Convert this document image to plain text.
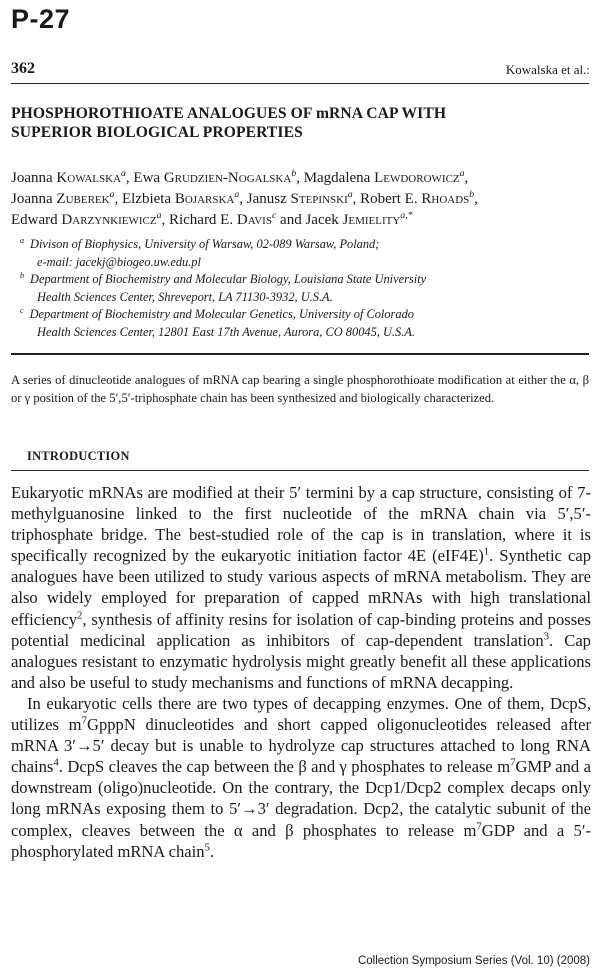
P-27
362	Kowalska et al.:
PHOSPHOROTHIOATE ANALOGUES OF mRNA CAP WITH
SUPERIOR BIOLOGICAL PROPERTIES
Joanna Kowalska$^a$, Ewa Grudzien-Nogalska$^b$, Magdalena Lewdorowicz$^a$,
Joanna Zuberek$^a$, Elzbieta Bojarska$^a$, Janusz Stepinski$^a$, Robert E. Rhoads$^b$,
Edward Darzynkiewicz$^a$, Richard E. Davis$^c$ and Jacek Jemielity$^{a,*}$
$^a$ Divison of Biophysics, University of Warsaw, 02-089 Warsaw, Poland;
e-mail: jacekj@biogeo.uw.edu.pl
$^b$ Department of Biochemistry and Molecular Biology, Louisiana State University
Health Sciences Center, Shreveport, LA 71130-3932, U.S.A.
$^c$ Department of Biochemistry and Molecular Genetics, University of Colorado
Health Sciences Center, 12801 East 17th Avenue, Aurora, CO 80045, U.S.A.
A series of dinucleotide analogues of mRNA cap bearing a single phosphorothioate modification at either the α, β or γ position of the 5′,5′-triphosphate chain has been synthesized and biologically characterized.
INTRODUCTION

Eukaryotic mRNAs are modified at their 5′ termini by a cap structure, consisting of 7-methylguanosine linked to the first nucleotide of the mRNA chain via 5′,5′-triphosphate bridge. The best-studied role of the cap is in translation, where it is specifically recognized by the eukaryotic initiation factor 4E $(eIF4E)^1$. Synthetic cap analogues have been utilized to study various aspects of mRNA metabolism. They are also widely employed for preparation of capped mRNAs with high translational efficiency$^2$, synthesis of affinity resins for isolation of cap-binding proteins and posses potential medicinal application as inhibitors of cap-dependent translation$^3$. Cap analogues resistant to enzymatic hydrolysis might greatly benefit all these applications and also be useful to study mechanisms and functions of mRNA decapping.

In eukaryotic cells there are two types of decapping enzymes. One of them, DcpS, utilizes $m^7GpppN$ dinucleotides and short capped oligonucleotides released after mRNA 3′→5′ decay but is unable to hydrolyze cap structures attached to long RNA chains$^4$. DcpS cleaves the cap between the β and γ phosphates to release $m^7GMP$ and a downstream (oligo)nucleotide. On the contrary, the Dcp1/Dcp2 complex decaps only long mRNAs exposing them to 5′→3′ degradation. Dcp2, the catalytic subunit of the complex, cleaves between the α and β phosphates to release $m^7GDP$ and a 5′-phosphorylated mRNA chain$^5$.

Collection Symposium Series (Vol. 10) (2008)
